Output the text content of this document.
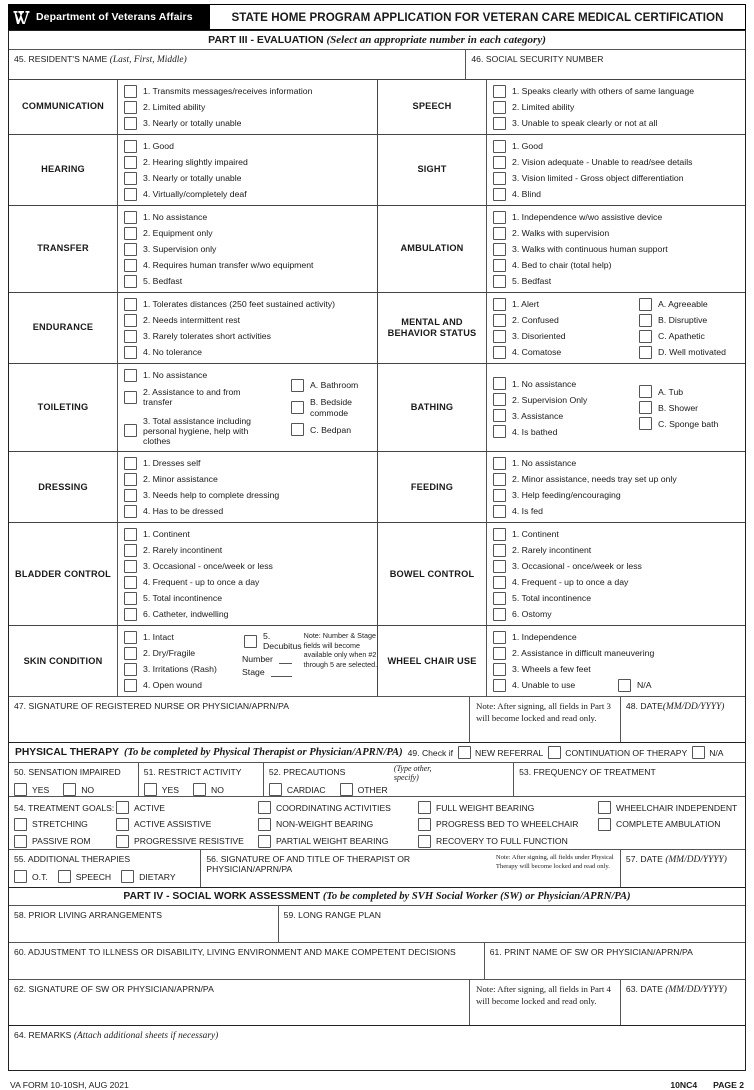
Department of Veterans Affairs	STATE HOME PROGRAM APPLICATION FOR VETERAN CARE MEDICAL CERTIFICATION
PART III - EVALUATION (Select an appropriate number in each category)
45. RESIDENT'S NAME (Last, First, Middle)	46. SOCIAL SECURITY NUMBER
COMMUNICATION
1. Transmits messages/receives information
2. Limited ability
3. Nearly or totally unable
SPEECH
1. Speaks clearly with others of same language
2. Limited ability
3. Unable to speak clearly or not at all
HEARING
1. Good
2. Hearing slightly impaired
3. Nearly or totally unable
4. Virtually/completely deaf
SIGHT
1. Good
2. Vision adequate - Unable to read/see details
3. Vision limited - Gross object differentiation
4. Blind
TRANSFER
1. No assistance
2. Equipment only
3. Supervision only
4. Requires human transfer w/wo equipment
5. Bedfast
AMBULATION
1. Independence w/wo assistive device
2. Walks with supervision
3. Walks with continuous human support
4. Bed to chair (total help)
5. Bedfast
ENDURANCE
1. Tolerates distances (250 feet sustained activity)
2. Needs intermittent rest
3. Rarely tolerates short activities
4. No tolerance
MENTAL AND BEHAVIOR STATUS
1. Alert
2. Confused
3. Disoriented
4. Comatose
A. Agreeable
B. Disruptive
C. Apathetic
D. Well motivated
TOILETING
1. No assistance
2. Assistance to and from transfer
3. Total assistance including personal hygiene, help with clothes
A. Bathroom
B. Bedside commode
C. Bedpan
BATHING
1. No assistance
2. Supervision Only
3. Assistance
4. Is bathed
A. Tub
B. Shower
C. Sponge bath
DRESSING
1. Dresses self
2. Minor assistance
3. Needs help to complete dressing
4. Has to be dressed
FEEDING
1. No assistance
2. Minor assistance, needs tray set up only
3. Help feeding/encouraging
4. Is fed
BLADDER CONTROL
1. Continent
2. Rarely incontinent
3. Occasional - once/week or less
4. Frequent - up to once a day
5. Total incontinence
6. Catheter, indwelling
BOWEL CONTROL
1. Continent
2. Rarely incontinent
3. Occasional - once/week or less
4. Frequent - up to once a day
5. Total incontinence
6. Ostomy
SKIN CONDITION
1. Intact
2. Dry/Fragile
3. Irritations (Rash)
4. Open wound
5. Decubitus
Number
Stage
Note: Number & Stage fields will become available only when #2 through 5 are selected.	WHEEL CHAIR USE
1. Independence
2. Assistance in difficult maneuvering
3. Wheels a few feet
4. Unable to use	N/A
47. SIGNATURE OF REGISTERED NURSE OR PHYSICIAN/APRN/PA	Note: After signing, all fields in Part 3 will become locked and read only.
48. DATE(MM/DD/YYYY)
PHYSICAL THERAPY (To be completed by Physical Therapist or Physician/APRN/PA) 49. Check if	NEW REFERRAL	CONTINUATION OF THERAPY	N/A
50. SENSATION IMPAIRED
YES	NO
51. RESTRICT ACTIVITY
YES	NO
52. PRECAUTIONS
CARDIAC	OTHER
(Type other, specify)
53. FREQUENCY OF TREATMENT
54. TREATMENT GOALS: ACTIVE	COORDINATING ACTIVITIES	FULL WEIGHT BEARING	WHEELCHAIR INDEPENDENT
STRETCHING	ACTIVE ASSISTIVE	NON-WEIGHT BEARING	PROGRESS BED TO WHEELCHAIR	COMPLETE AMBULATION
PASSIVE ROM	PROGRESSIVE RESISTIVE	PARTIAL WEIGHT BEARING	RECOVERY TO FULL FUNCTION
55. ADDITIONAL THERAPIES
O.T.	SPEECH	DIETARY
56. SIGNATURE OF AND TITLE OF THERAPIST OR PHYSICIAN/APRN/PA
Note: After signing, all fields under Physical Therapy will become locked and read only.
57. DATE (MM/DD/YYYY)
PART IV - SOCIAL WORK ASSESSMENT (To be completed by SVH Social Worker (SW) or Physician/APRN/PA)
58. PRIOR LIVING ARRANGEMENTS	59. LONG RANGE PLAN
60. ADJUSTMENT TO ILLNESS OR DISABILITY, LIVING ENVIRONMENT AND MAKE COMPETENT DECISIONS	61. PRINT NAME OF SW OR PHYSICIAN/APRN/PA
62. SIGNATURE OF SW OR PHYSICIAN/APRN/PA	Note: After signing, all fields in Part 4 will become locked and read only.
63. DATE (MM/DD/YYYY)
64. REMARKS (Attach additional sheets if necessary)
VA FORM 10-10SH, AUG 2021	10NC4 PAGE 2
